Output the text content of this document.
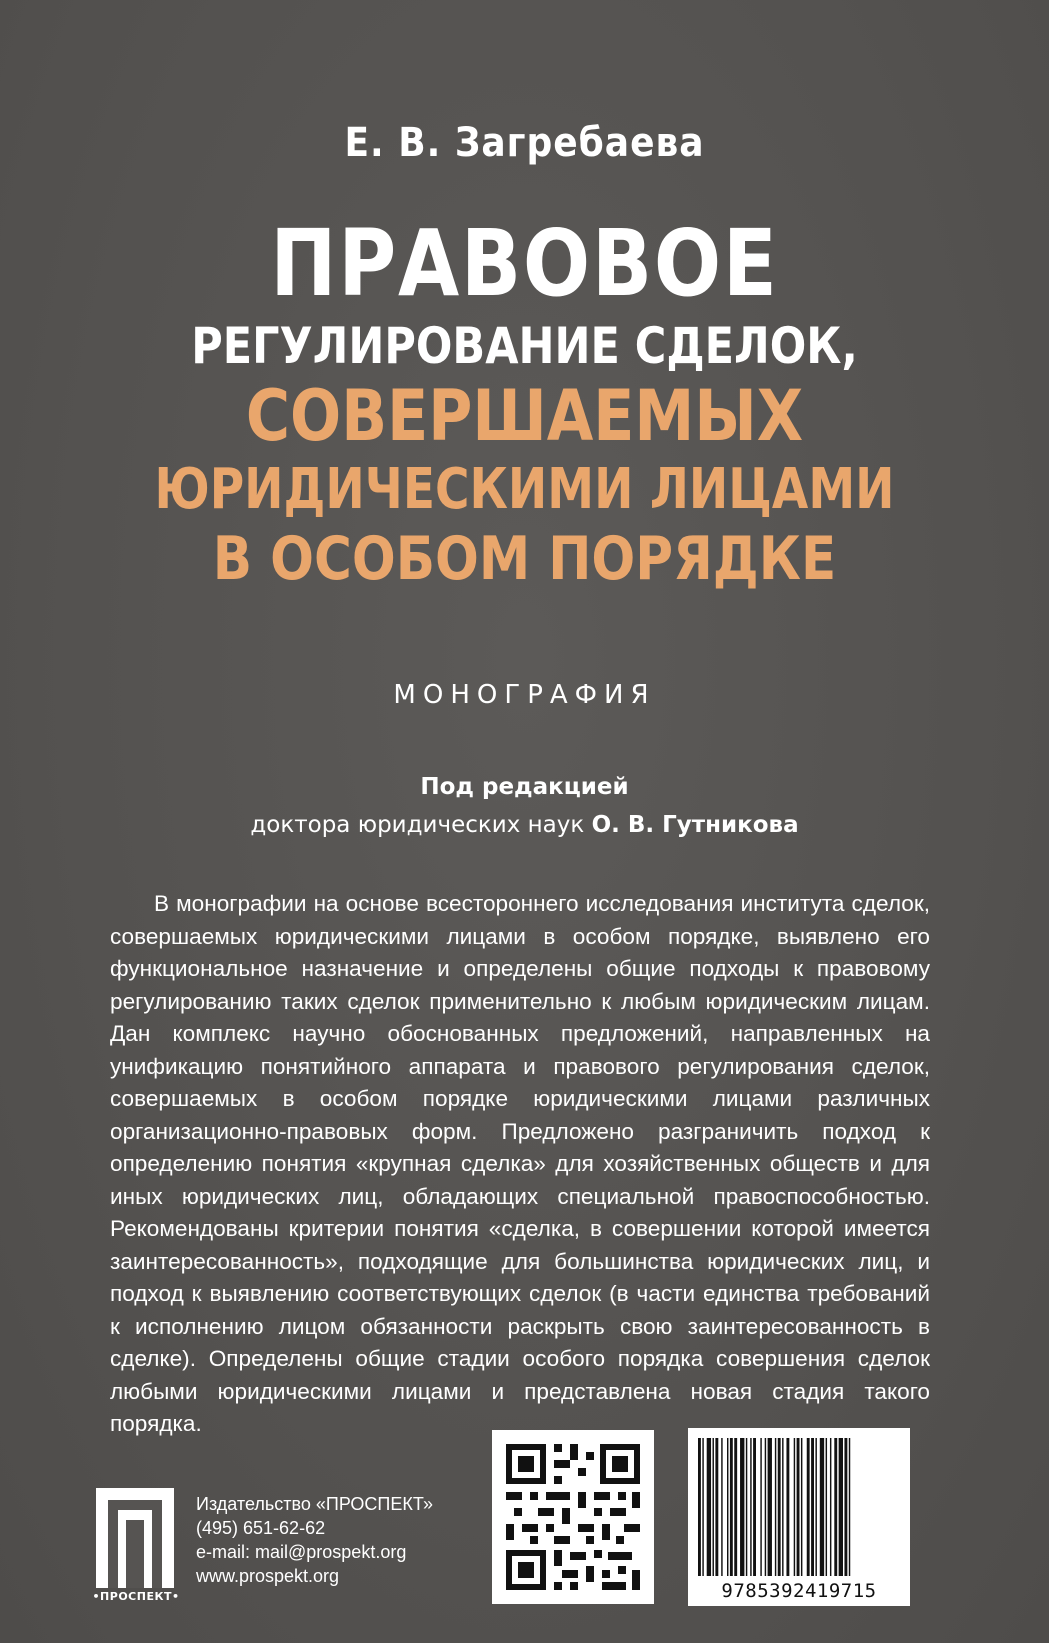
Е. В. Загребаева
ПРАВОВОЕ
РЕГУЛИРОВАНИЕ СДЕЛОК,
СОВЕРШАЕМЫХ
ЮРИДИЧЕСКИМИ ЛИЦАМИ
В ОСОБОМ ПОРЯДКЕ
МОНОГРАФИЯ
Под редакцией
доктора юридических наук О. В. Гутникова
В монографии на основе всестороннего исследования института сделок, совершаемых юридическими лицами в особом порядке, выявлено его функциональное назначение и определены общие подходы к правовому регулированию таких сделок применительно к любым юридическим лицам. Дан комплекс научно обоснованных предложений, направленных на унификацию понятийного аппарата и правового регулирования сделок, совершаемых в особом порядке юридическими лицами различных организационно-правовых форм. Предложено разграничить подход к определению понятия «крупная сделка» для хозяйственных обществ и для иных юридических лиц, обладающих специальной правоспособностью. Рекомендованы критерии понятия «сделка, в совершении которой имеется заинтересованность», подходящие для большинства юридических лиц, и подход к выявлению соответствующих сделок (в части единства требований к исполнению лицом обязанности раскрыть свою заинтересованность в сделке). Определены общие стадии особого порядка совершения сделок любыми юридическими лицами и представлена новая стадия такого порядка.
•ПРОСПЕКТ•
Издательство «ПРОСПЕКТ»
(495) 651-62-62
e-mail: mail@prospekt.org
www.prospekt.org
9785392419715
